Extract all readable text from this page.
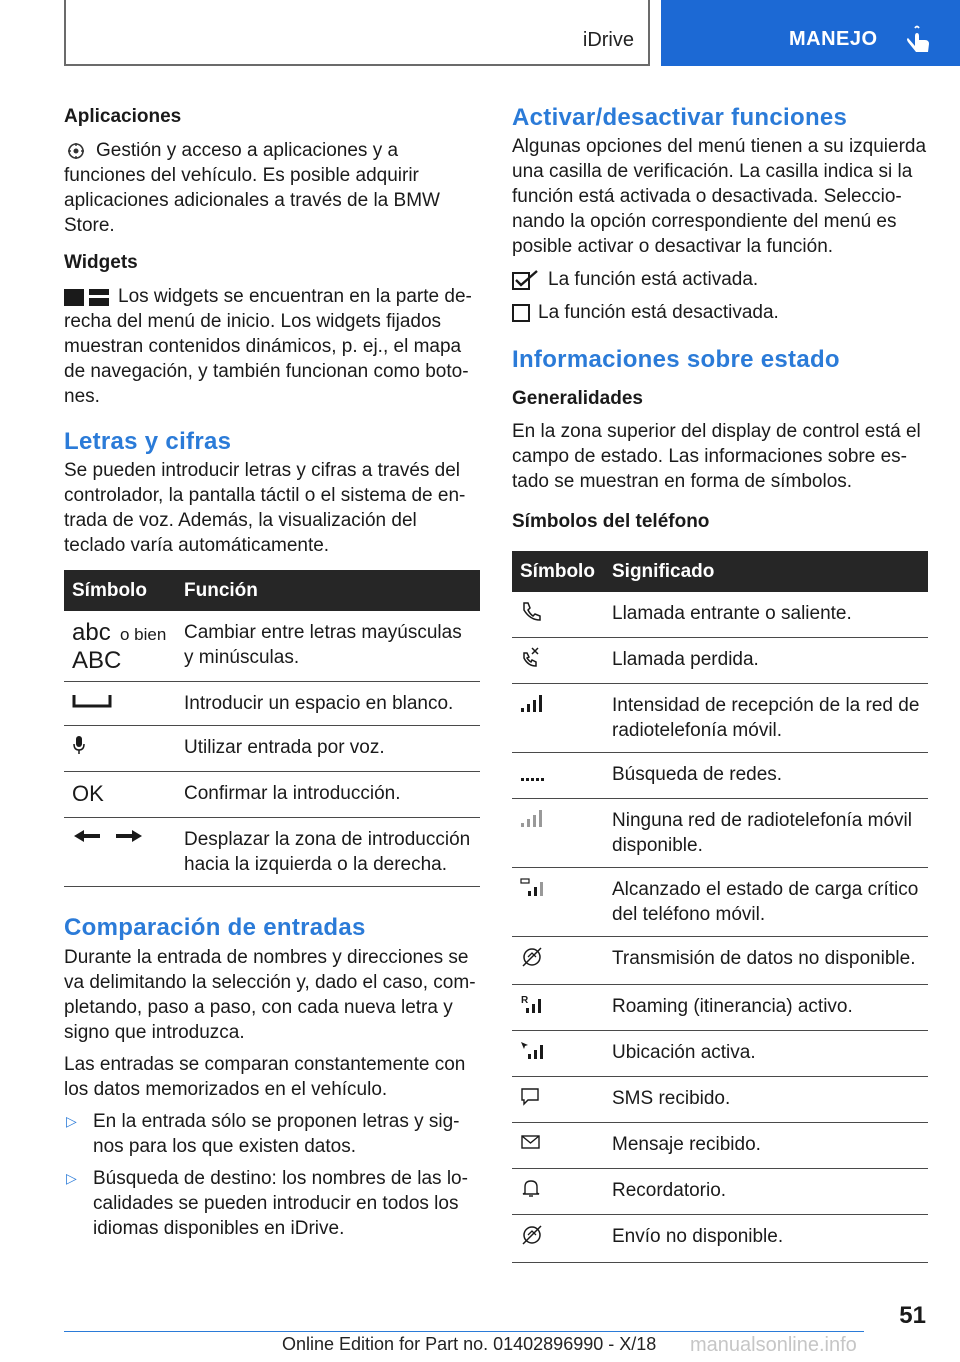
iDrive	MANEJO
Aplicaciones

Gestión y acceso a aplicaciones y a funciones del vehículo. Es posible adquirir aplicaciones adicionales a través de la BMW Store.

Widgets

Los widgets se encuentran en la parte derecha del menú de inicio. Los widgets fijados muestran contenidos dinámicos, p. ej., el mapa de navegación, y también funcionan como botones.

Letras y cifras

Se pueden introducir letras y cifras a través del controlador, la pantalla táctil o el sistema de entrada de voz. Además, la visualización del teclado varía automáticamente.

Símbolo	Función
abc o bien
ABC	Cambiar entre letras mayúsculas y minúsculas.
	Introducir un espacio en blanco.
	Utilizar entrada por voz.
OK	Confirmar la introducción.
	Desplazar la zona de introducción hacia la izquierda o la derecha.
Comparación de entradas

Durante la entrada de nombres y direcciones se va delimitando la selección y, dado el caso, completando, paso a paso, con cada nueva letra y signo que introduzca.

Las entradas se comparan constantemente con los datos memorizados en el vehículo.

▷ En la entrada sólo se proponen letras y signos para los que existen datos.
▷ Búsqueda de destino: los nombres de las localidades se pueden introducir en todos los idiomas disponibles en iDrive.
Activar/desactivar funciones

Algunas opciones del menú tienen a su izquierda una casilla de verificación. La casilla indica si la función está activada o desactivada. Seleccionando la opción correspondiente del menú es posible activar o desactivar la función.

La función está activada.

La función está desactivada.

Informaciones sobre estado
Generalidades

En la zona superior del display de control está el campo de estado. Las informaciones sobre estado se muestran en forma de símbolos.

Símbolos del teléfono
Símbolo	Significado
	Llamada entrante o saliente.
	Llamada perdida.
	Intensidad de recepción de la red de radiotelefonía móvil.
	Búsqueda de redes.
	Ninguna red de radiotelefonía móvil disponible.
	Alcanzado el estado de carga crítico del teléfono móvil.
	Transmisión de datos no disponible.

R	Roaming (itinerancia) activo.
	Ubicación activa.
	SMS recibido.
	Mensaje recibido.
	Recordatorio.
	Envío no disponible.
51
Online Edition for Part no. 01402896990 - X/18 manualsonline.info
